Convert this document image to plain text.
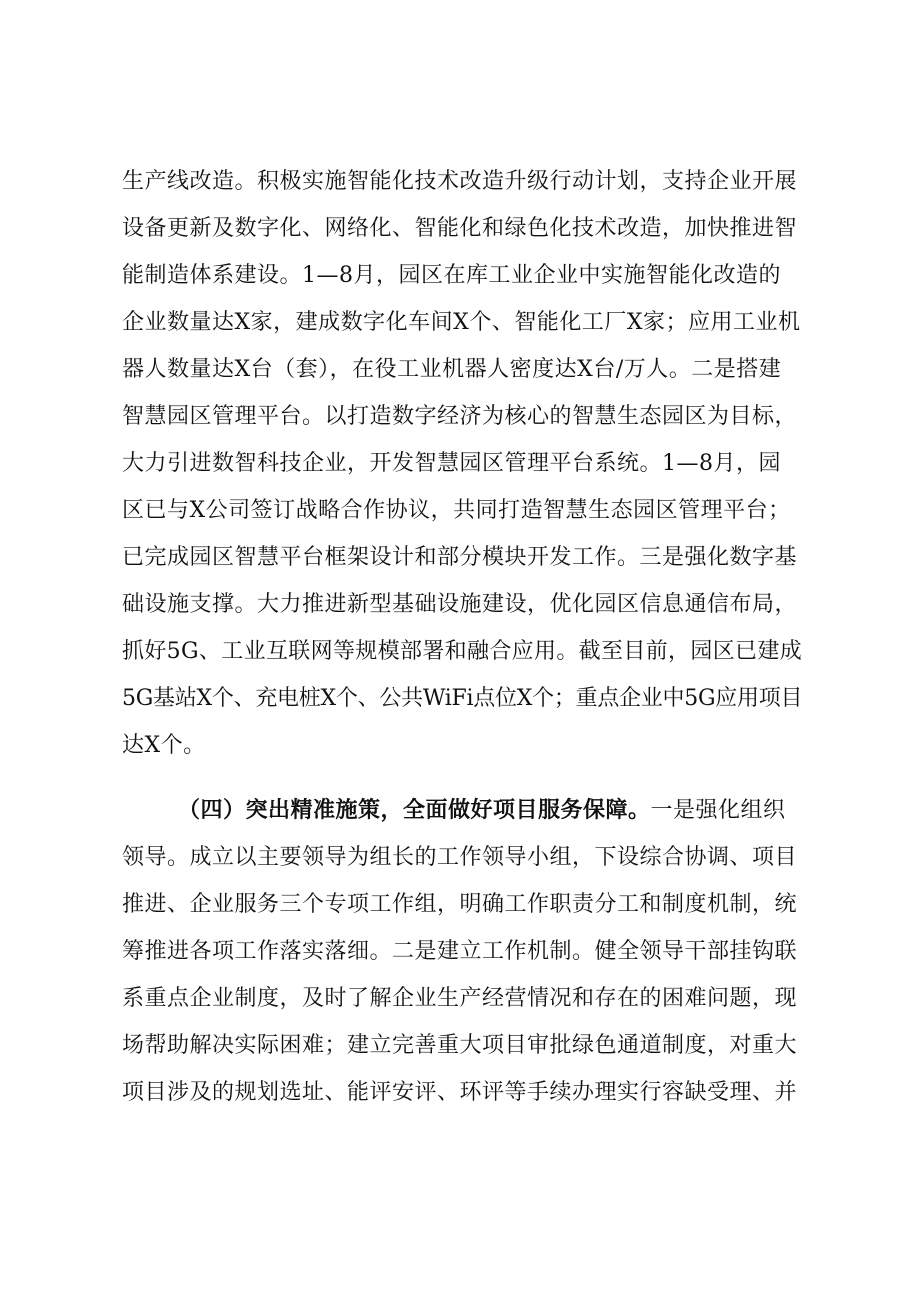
生产线改造。积极实施智能化技术改造升级行动计划，支持企业开展
设备更新及数字化、网络化、智能化和绿色化技术改造，加快推进智
能制造体系建设。1—8月，园区在库工业企业中实施智能化改造的
企业数量达X家，建成数字化车间X个、智能化工厂X家；应用工业机
器人数量达X台（套），在役工业机器人密度达X台/万人。二是搭建
智慧园区管理平台。以打造数字经济为核心的智慧生态园区为目标，
大力引进数智科技企业，开发智慧园区管理平台系统。1—8月，园
区已与X公司签订战略合作协议，共同打造智慧生态园区管理平台；
已完成园区智慧平台框架设计和部分模块开发工作。三是强化数字基
础设施支撑。大力推进新型基础设施建设，优化园区信息通信布局，
抓好5G、工业互联网等规模部署和融合应用。截至目前，园区已建成
5G基站X个、充电桩X个、公共WiFi点位X个；重点企业中5G应用项目
达X个。
（四）突出精准施策，全面做好项目服务保障。一是强化组织
领导。成立以主要领导为组长的工作领导小组，下设综合协调、项目
推进、企业服务三个专项工作组，明确工作职责分工和制度机制，统
筹推进各项工作落实落细。二是建立工作机制。健全领导干部挂钩联
系重点企业制度，及时了解企业生产经营情况和存在的困难问题，现
场帮助解决实际困难；建立完善重大项目审批绿色通道制度，对重大
项目涉及的规划选址、能评安评、环评等手续办理实行容缺受理、并
